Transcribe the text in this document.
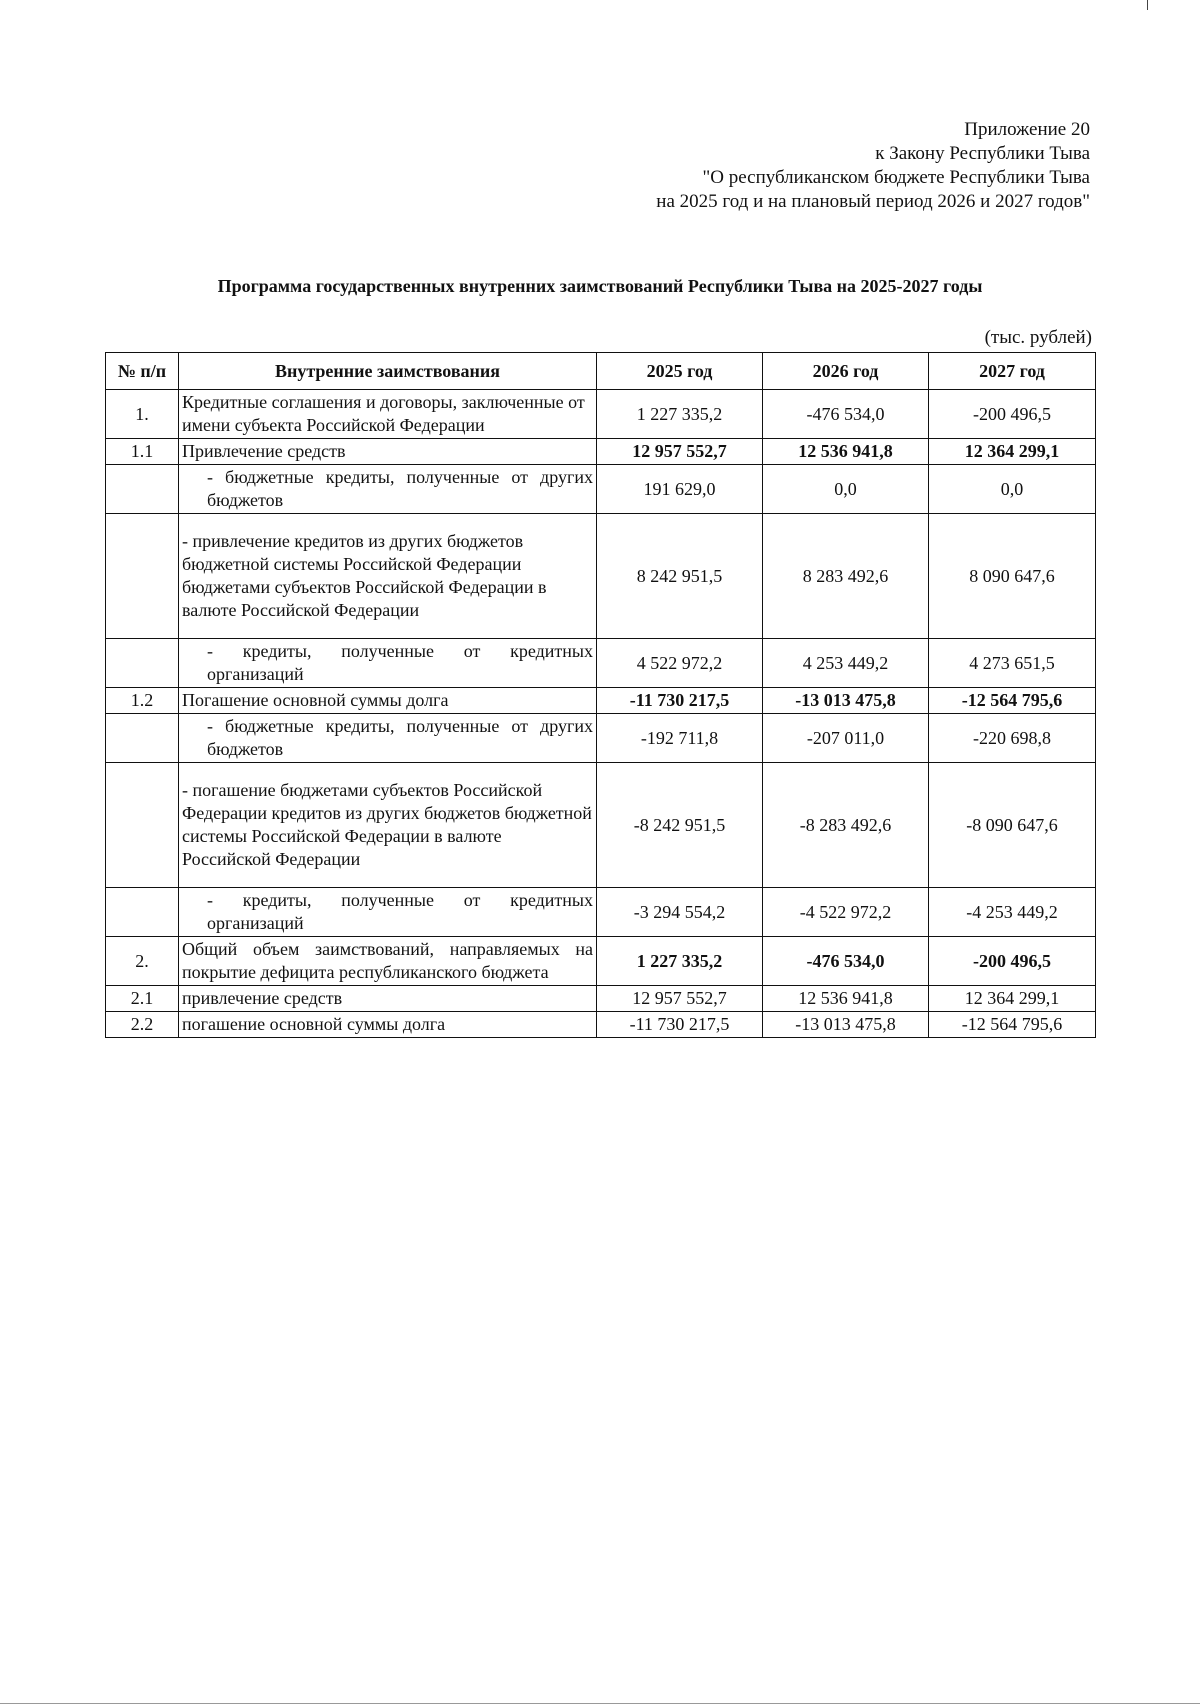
Приложение 20
к Закону Республики Тыва
"О республиканском бюджете Республики Тыва
на 2025 год и на плановый период 2026 и 2027 годов"
Программа государственных внутренних заимствований Республики Тыва на 2025-2027 годы
(тыс. рублей)
№ п/п	Внутренние заимствования	2025 год	2026 год	2027 год
1.	Кредитные соглашения и договоры, заключенные от имени субъекта Российской Федерации	1 227 335,2	-476 534,0	-200 496,5
1.1	Привлечение средств	12 957 552,7	12 536 941,8	12 364 299,1
	- бюджетные кредиты, полученные от других бюджетов	191 629,0	0,0	0,0
	- привлечение кредитов из других бюджетов бюджетной системы Российской Федерации бюджетами субъектов Российской Федерации в валюте Российской Федерации	8 242 951,5	8 283 492,6	8 090 647,6
	- кредиты, полученные от кредитных организаций	4 522 972,2	4 253 449,2	4 273 651,5
1.2	Погашение основной суммы долга	-11 730 217,5	-13 013 475,8	-12 564 795,6
	- бюджетные кредиты, полученные от других бюджетов	-192 711,8	-207 011,0	-220 698,8
	- погашение бюджетами субъектов Российской Федерации кредитов из других бюджетов бюджетной системы Российской Федерации в валюте Российской Федерации	-8 242 951,5	-8 283 492,6	-8 090 647,6
	- кредиты, полученные от кредитных организаций	-3 294 554,2	-4 522 972,2	-4 253 449,2
2.	Общий объем заимствований, направляемых на покрытие дефицита республиканского бюджета	1 227 335,2	-476 534,0	-200 496,5
2.1	привлечение средств	12 957 552,7	12 536 941,8	12 364 299,1
2.2	погашение основной суммы долга	-11 730 217,5	-13 013 475,8	-12 564 795,6
